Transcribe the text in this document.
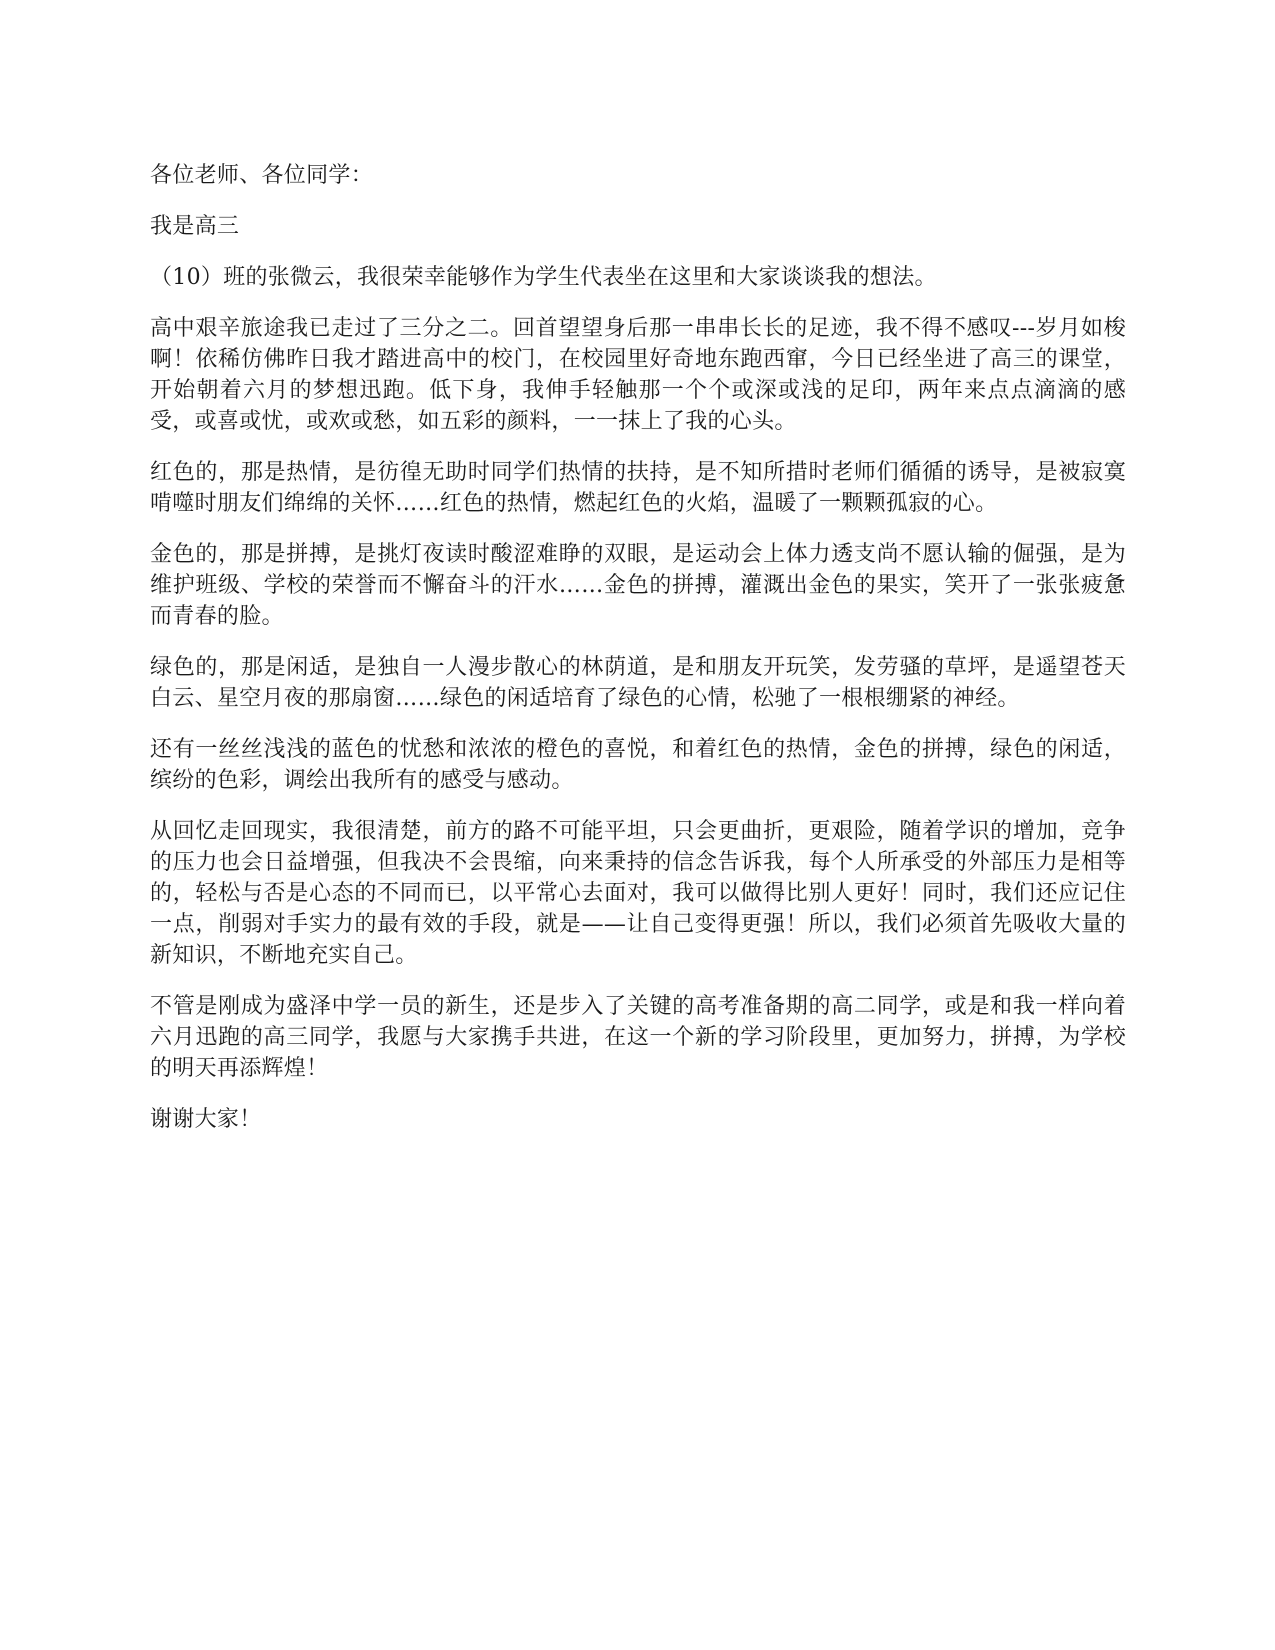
各位老师、各位同学：

我是高三

（10）班的张微云，我很荣幸能够作为学生代表坐在这里和大家谈谈我的想法。

高中艰辛旅途我已走过了三分之二。回首望望身后那一串串长长的足迹，我不得不感叹---岁月如梭啊！依稀仿佛昨日我才踏进高中的校门，在校园里好奇地东跑西窜，今日已经坐进了高三的课堂，开始朝着六月的梦想迅跑。低下身，我伸手轻触那一个个或深或浅的足印，两年来点点滴滴的感受，或喜或忧，或欢或愁，如五彩的颜料，一一抹上了我的心头。

红色的，那是热情，是彷徨无助时同学们热情的扶持，是不知所措时老师们循循的诱导，是被寂寞啃噬时朋友们绵绵的关怀……红色的热情，燃起红色的火焰，温暖了一颗颗孤寂的心。

金色的，那是拼搏，是挑灯夜读时酸涩难睁的双眼，是运动会上体力透支尚不愿认输的倔强，是为维护班级、学校的荣誉而不懈奋斗的汗水……金色的拼搏，灌溉出金色的果实，笑开了一张张疲惫而青春的脸。

绿色的，那是闲适，是独自一人漫步散心的林荫道，是和朋友开玩笑，发劳骚的草坪，是遥望苍天白云、星空月夜的那扇窗……绿色的闲适培育了绿色的心情，松驰了一根根绷紧的神经。

还有一丝丝浅浅的蓝色的忧愁和浓浓的橙色的喜悦，和着红色的热情，金色的拼搏，绿色的闲适，缤纷的色彩，调绘出我所有的感受与感动。

从回忆走回现实，我很清楚，前方的路不可能平坦，只会更曲折，更艰险，随着学识的增加，竞争的压力也会日益增强，但我决不会畏缩，向来秉持的信念告诉我，每个人所承受的外部压力是相等的，轻松与否是心态的不同而已，以平常心去面对，我可以做得比别人更好！同时，我们还应记住一点，削弱对手实力的最有效的手段，就是——让自己变得更强！所以，我们必须首先吸收大量的新知识，不断地充实自己。

不管是刚成为盛泽中学一员的新生，还是步入了关键的高考准备期的高二同学，或是和我一样向着六月迅跑的高三同学，我愿与大家携手共进，在这一个新的学习阶段里，更加努力，拼搏，为学校的明天再添辉煌！

谢谢大家！
